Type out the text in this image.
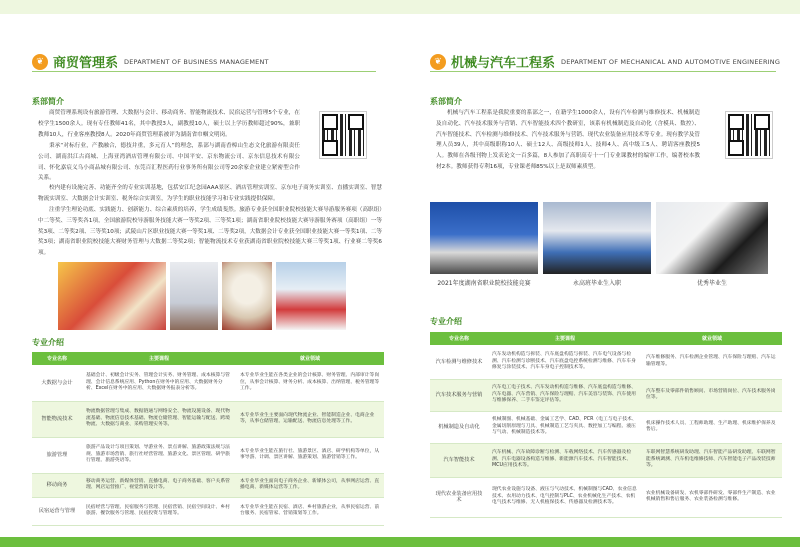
❦ 商贸管理系 DEPARTMENT OF BUSINESS MANAGEMENT
系部简介
商贸管理系现设有旅游管理、大数据与会计、移动商务、智能物流技术、民宿运营与管理5个专业，在校学生1500余人。现有专任教师41名，其中教授3人，副教授10人，硕士以上学历教师超过90%，兼职教师10人，行业客座教授8人。2020年商贸管理系被评为湖南省巾帼文明岗。
秉承“对标行业，产教融合，德技并重，多元育人”的理念，系部与湖南香樟山生态文化旅游有限责任公司、湖南洪江古商城、上海亚湾酒店管理有限公司、中国平安、京东物流公司、京东信息技术有限公司、怀化嘉宸义乌小商品城有限公司、东莞百汇程医药行业事务所有限公司等20余家企业建立紧密型合作关系。
校内建有设施完善、功能齐全的专业实训基地，包括安江纪念园AAA景区、酒店管理实训室、京东电子商务实训室、直播实训室、智慧物流实训室、大数据会计实训室、税务综合实训室，为学生的职业技能学习和专业实践提供保障。
注重学生理论功底、实践能力、创新能力、综合素质的培养，学生成绩斐然。旅游专业获全国职业院校技能大赛导游服务赛项（高职组）中二等奖、三等奖各1项，全国旅游院校导游服务技能大赛一等奖2项、三等奖1项；湖南省职业院校技能大赛导游服务赛项（高职组）一等奖3项、二等奖2项、三等奖10项；武陵山片区职业技能大赛一等奖1项、二等奖2项，大数据会计专业获全国职业技能大赛一等奖1项、二等奖3项；湖南省职业院校技能大赛财务管理与大数据二等奖2项；智能物流技术专业获湖南省职业院校技能大赛三等奖1项、行业赛二等奖6项。
专业介绍
专业名称	主要课程	就业领域
大数据与会计	基础会计、初级会计实务、管理会计实务、财务管理、成本核算与管理、会计信息系统应用、Python在财务中的应用、大数据财务分析、Excel在财务中的应用、大数据财务报表分析等。	本专业毕业生能在各类企业的会计核算、财务管理、内部审计等岗位，从事会计核算、财务分析、成本核算、出纳管理、税务管理等工作。
智能物流技术	物流数据管理与集成、数据链通与网络安全、物流设施设备、现代物流基础、物流信息技术基础、物流仓储管理、智能运输与配送、跨境物流、大数据与商业、采购管理实务等。	本专业毕业生主要面向现代物流企业、智能制造企业、电商企业等，从事仓储管理、运输配送、物流信息处理等工作。
旅游管理	旅游产品设计与项目策划、导游业务、景点讲解、旅游政策法规与法规、旅游市场营销、旅行社经营管理、旅游文化、景区管理、研学旅行管理、旅游英语等。	本专业毕业生能在旅行社、旅游景区、酒店、研学机构等单位，从事导游、计调、景区讲解、旅游策划、旅游营销等工作。
移动商务	移动商务运营、新媒体营销、直播电商、电子商务基础、客户关系管理、网店运营推广、视觉营销设计等。	本专业毕业生面向电子商务企业、新媒体公司，从事网店运营、直播电商、新媒体运营等工作。
民宿运营与管理	民宿经营与管理、民宿服务与管理、民宿营销、民宿空间设计、乡村旅游、餐饮服务与管理、民宿投资与管理等。	本专业毕业生能在民宿、酒店、乡村旅游企业，从事民宿运营、前台服务、民宿管家、营销策划等工作。
❦ 机械与汽车工程系 DEPARTMENT OF MECHANICAL AND AUTOMOTIVE ENGINEERING
系部简介
机械与汽车工程系是我院重要的系部之一，在籍学生1000余人，设有汽车检测与维修技术、机械制造及自动化、汽车技术服务与营销、汽车智能技术四个教研室，该系有机械制造及自动化（含模具、数控）、汽车智能技术、汽车检测与维修技术、汽车技术服务与营销、现代农业装备应用技术等专业。现有教学及管理人员39人，其中高级职称10人、硕士12人、高级技师1人、技师4人、高中级工5人、聘请客座教授5人。教师在各级刊物上发表论文一百多篇，8人参加了高职高专十一门专业课教材的编审工作，编著校本教材2本。教师获得专利16项，专业课老师85%以上是双师素质型。
2021年度湖南省职业院校技能竞赛	永高班毕业生入职	优秀毕业生
专业介绍
专业名称	主要课程	就业领域
汽车检测与维修技术	汽车发动机构造与拆装、汽车底盘构造与拆装、汽车电气设备与检测、汽车检测与诊断技术、汽车底盘电控系统检测与维修、汽车车身修复与涂装技术、汽车车身电子控制技术等。	汽车维修服务、汽车检测企业管理、汽车保险与理赔、汽车运输管理等。
汽车技术服务与营销	汽车电工电子技术、汽车发动机构造与维修、汽车底盘构造与维修、汽车电器、汽车营销、汽车保险与理赔、汽车美容与装饰、汽车使用与维修保养、二手车鉴定评估等。	汽车整车及零部件销售顾问、市场营销岗位、汽车技术服务岗位等。
机械制造及自动化	机械制图、机械基础、金属工艺学、CAD、PCR（电工与电子技术、金属切削原理与刀具、机械制造工艺与夹具、数控加工与编程、液压与气动、机械制造技术等。	机床操作技术人员、工程师助理、生产助理、机床维护保养及售后。
汽车智能技术	汽车机械、汽车故障诊断与检测、车载网络技术、汽车传感器及检测、汽车电器设备构造与维修、新能源汽车技术、汽车智能技术、MCU应用技术等。	车联网智慧系统研发助理、汽车智能产品研发助理、车联网智能系统调测、汽车机电维修技师、汽车智能电子产品改装技师等。
现代农业装备应用技术	现代农业设施与设备、液压与气动技术、机械制图与CAD、农业信息技术、农用动力技术、电气控制与PLC、农业机械化生产技术、农机电气技术与维修、无人机植保技术、传感器及检测技术等。	农业机械设备研发、农机零部件研发、零部件生产制造、农业机械销售和售后服务、农业装备检测与维修。
